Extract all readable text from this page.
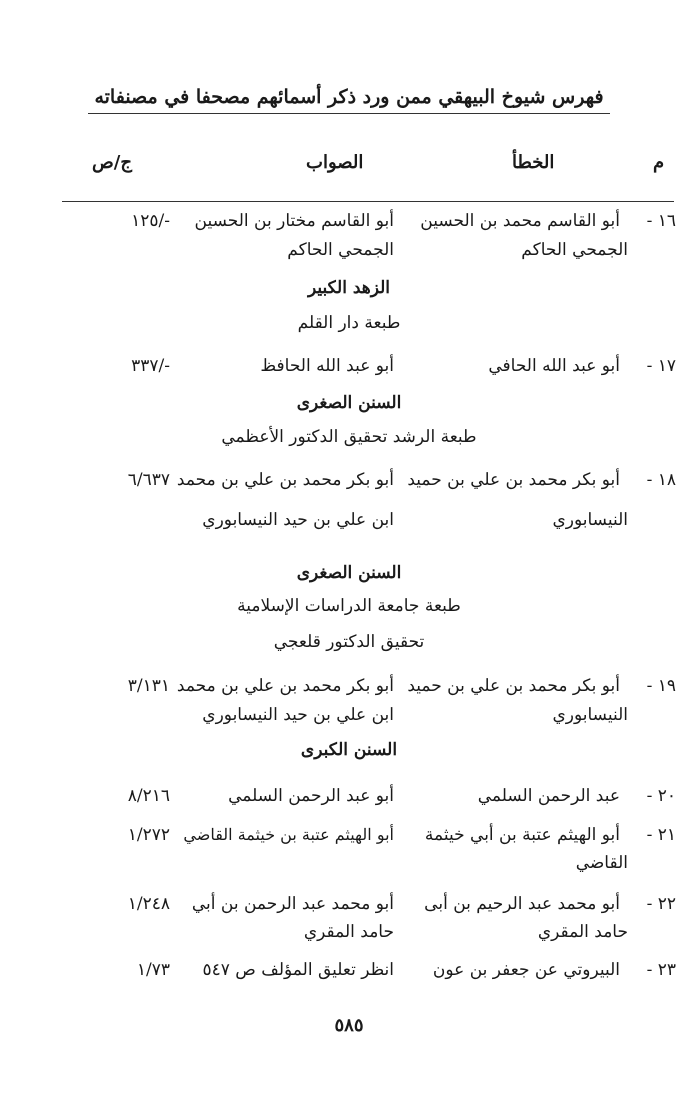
فهرس شيوخ البيهقي ممن ورد ذكر أسمائهم مصحفا في مصنفاته
م
الخطأ
الصواب
ج/ص
١٦ -
أبو القاسم محمد بن الحسين
الجمحي الحاكم
أبو القاسم مختار بن الحسين
الجمحي الحاكم
-/١٢٥
الزهد الكبير
طبعة دار القلم
١٧ -
أبو عبد الله الحافي
أبو عبد الله الحافظ
-/٣٣٧
السنن الصغرى
طبعة الرشد تحقيق الدكتور الأعظمي
١٨ -
أبو بكر محمد بن علي بن حميد
النيسابوري
أبو بكر محمد بن علي بن محمد
ابن علي بن حيد النيسابوري
٦/٦٣٧
السنن الصغرى
طبعة جامعة الدراسات الإسلامية
تحقيق الدكتور قلعجي
١٩ -
أبو بكر محمد بن علي بن حميد
النيسابوري
أبو بكر محمد بن علي بن محمد
ابن علي بن حيد النيسابوري
٣/١٣١
السنن الكبرى
٢٠ -
عبد الرحمن السلمي
أبو عبد الرحمن السلمي
٨/٢١٦
٢١ -
أبو الهيثم عتبة بن أبي خيثمة
القاضي
أبو الهيثم عتبة بن خيثمة القاضي
١/٢٧٢
٢٢ -
أبو محمد عبد الرحيم بن أبى
حامد المقري
أبو محمد عبد الرحمن بن أبي
حامد المقري
١/٢٤٨
٢٣ -
البيروتي عن جعفر بن عون
انظر تعليق المؤلف ص ٥٤٧
١/٧٣
٥٨٥
